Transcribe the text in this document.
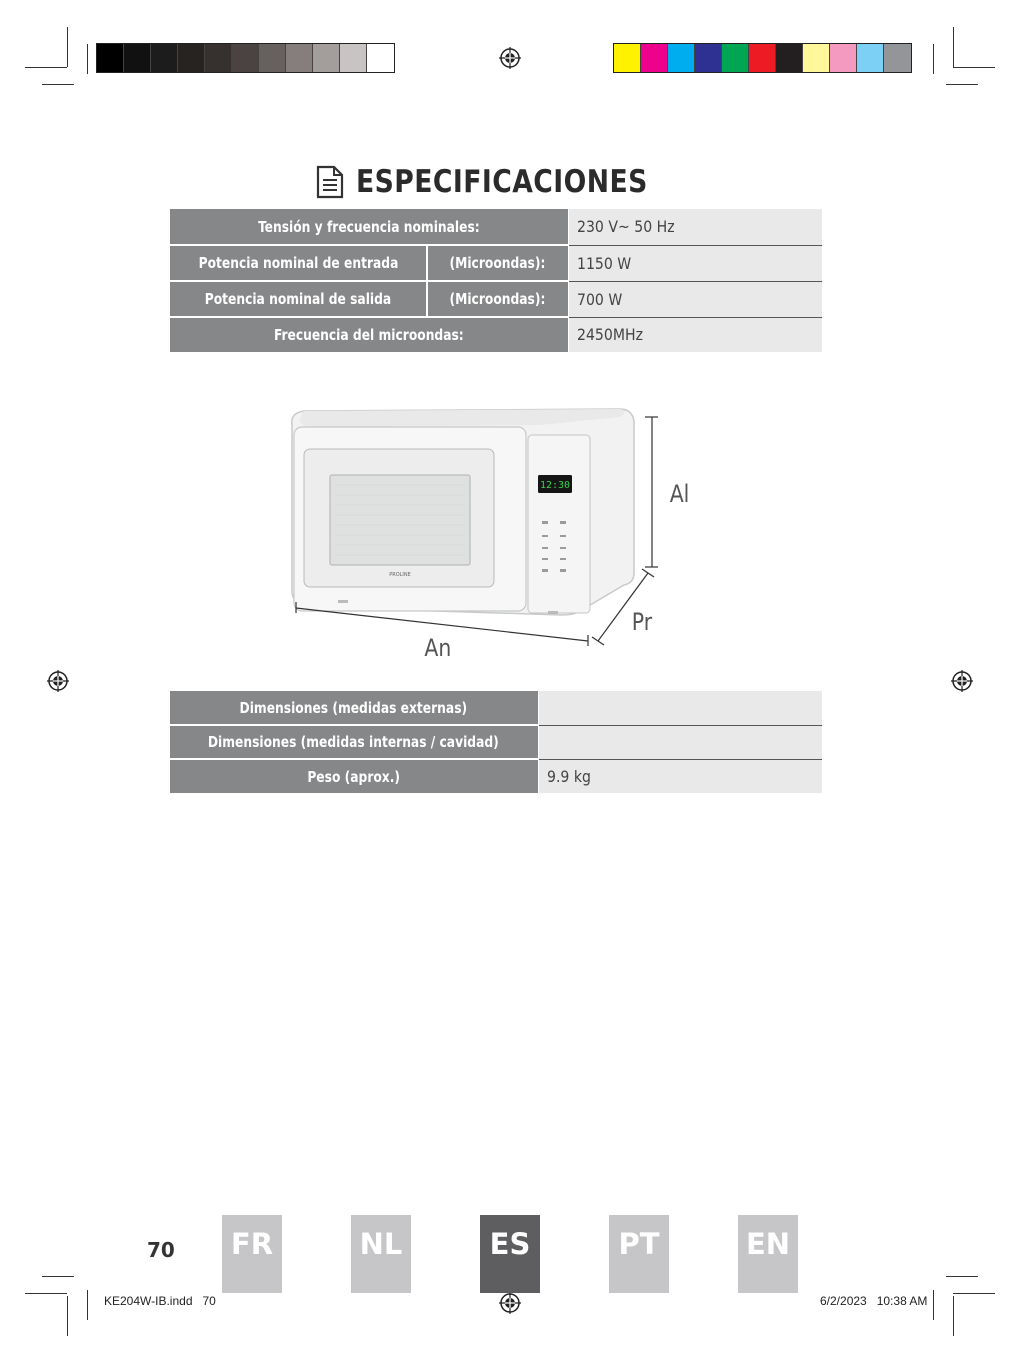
ESPECIFICACIONES
Tensión y frecuencia nominales:		230 V~ 50 Hz
Potencia nominal de entrada	(Microondas):	1150 W
Potencia nominal de salida	(Microondas):	700 W
Frecuencia del microondas:		2450MHz
PROLINE
12:30	Al
Pr
An
Dimensiones (medidas externas)	
Dimensiones (medidas internas / cavidad)	
Peso (aprox.)	9.9 kg
70	FR	NL	ES	PT	EN
KE204W-IB.indd   70	6/2/2023   10:38 AM
